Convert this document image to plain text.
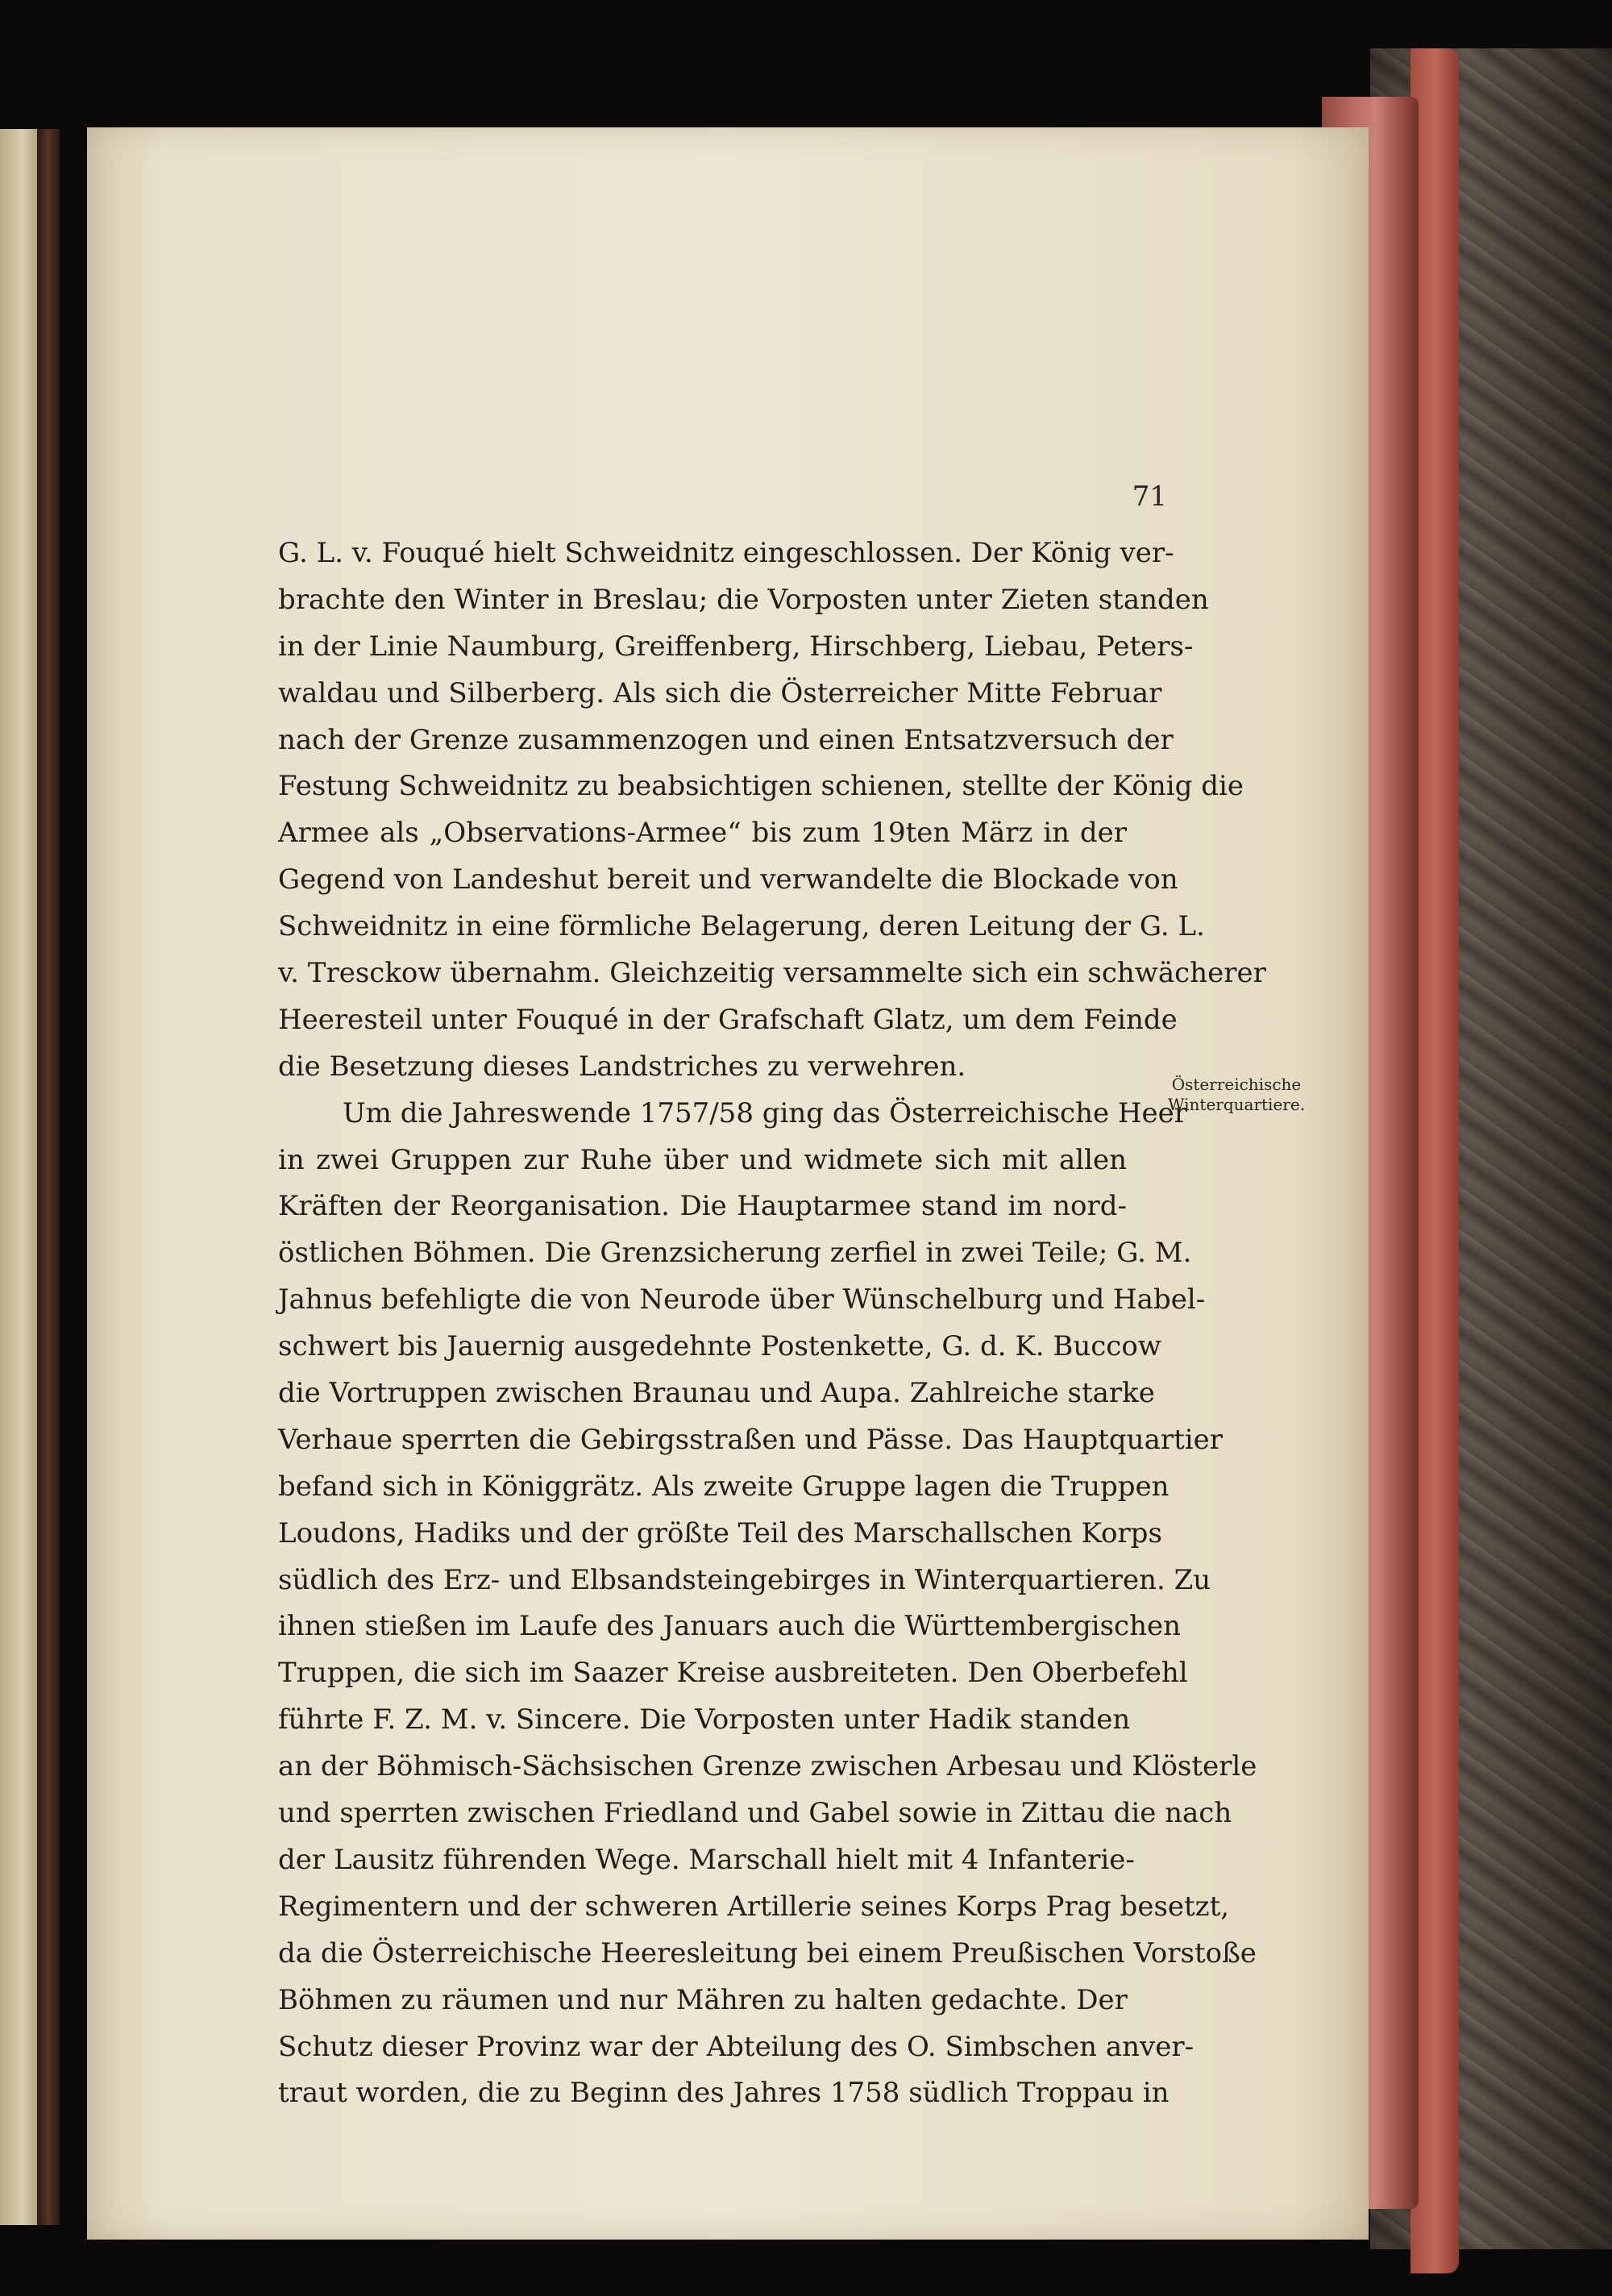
71
G. L. v. Fouqué hielt Schweidnitz eingeschlossen. Der König ver-
brachte den Winter in Breslau; die Vorposten unter Zieten standen
in der Linie Naumburg, Greiffenberg, Hirschberg, Liebau, Peters-
waldau und Silberberg. Als sich die Österreicher Mitte Februar
nach der Grenze zusammenzogen und einen Entsatzversuch der
Festung Schweidnitz zu beabsichtigen schienen, stellte der König die
Armee als „Observations-Armee“ bis zum 19ten März in der
Gegend von Landeshut bereit und verwandelte die Blockade von
Schweidnitz in eine förmliche Belagerung, deren Leitung der G. L.
v. Tresckow übernahm. Gleichzeitig versammelte sich ein schwächerer
Heeresteil unter Fouqué in der Grafschaft Glatz, um dem Feinde
die Besetzung dieses Landstriches zu verwehren.
Um die Jahreswende 1757/58 ging das Österreichische Heer
in zwei Gruppen zur Ruhe über und widmete sich mit allen
Kräften der Reorganisation. Die Hauptarmee stand im nord-
östlichen Böhmen. Die Grenzsicherung zerfiel in zwei Teile; G. M.
Jahnus befehligte die von Neurode über Wünschelburg und Habel-
schwert bis Jauernig ausgedehnte Postenkette, G. d. K. Buccow
die Vortruppen zwischen Braunau und Aupa. Zahlreiche starke
Verhaue sperrten die Gebirgsstraßen und Pässe. Das Hauptquartier
befand sich in Königgrätz. Als zweite Gruppe lagen die Truppen
Loudons, Hadiks und der größte Teil des Marschallschen Korps
südlich des Erz- und Elbsandsteingebirges in Winterquartieren. Zu
ihnen stießen im Laufe des Januars auch die Württembergischen
Truppen, die sich im Saazer Kreise ausbreiteten. Den Oberbefehl
führte F. Z. M. v. Sincere. Die Vorposten unter Hadik standen
an der Böhmisch-Sächsischen Grenze zwischen Arbesau und Klösterle
und sperrten zwischen Friedland und Gabel sowie in Zittau die nach
der Lausitz führenden Wege. Marschall hielt mit 4 Infanterie-
Regimentern und der schweren Artillerie seines Korps Prag besetzt,
da die Österreichische Heeresleitung bei einem Preußischen Vorstoße
Böhmen zu räumen und nur Mähren zu halten gedachte. Der
Schutz dieser Provinz war der Abteilung des O. Simbschen anver-
traut worden, die zu Beginn des Jahres 1758 südlich Troppau in
Österreichische
Winterquartiere.
